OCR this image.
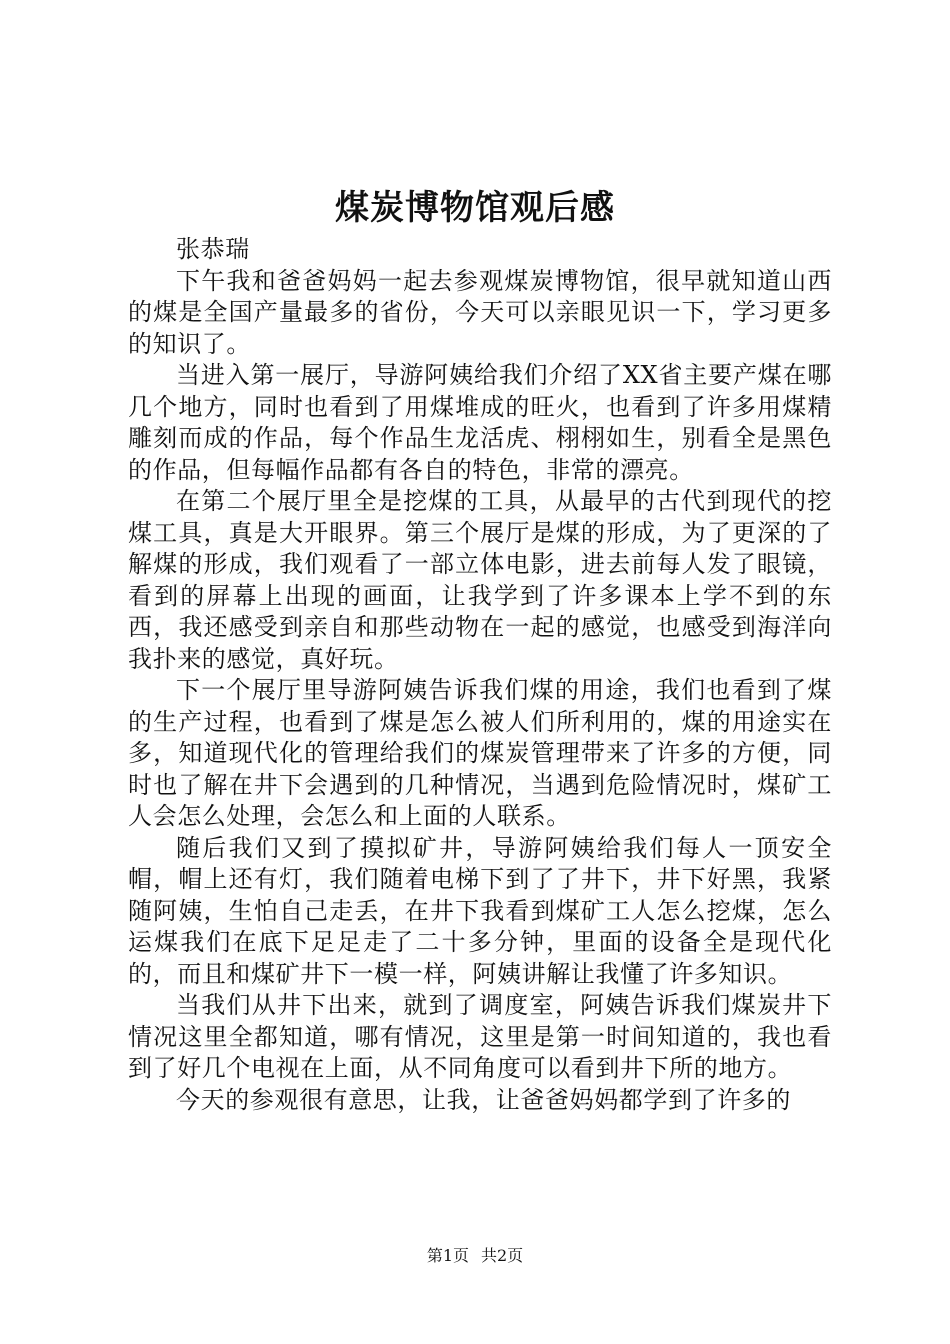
煤炭博物馆观后感

张恭瑞

下午我和爸爸妈妈一起去参观煤炭博物馆，很早就知道山西的煤是全国产量最多的省份，今天可以亲眼见识一下，学习更多的知识了。

当进入第一展厅，导游阿姨给我们介绍了XX省主要产煤在哪几个地方，同时也看到了用煤堆成的旺火，也看到了许多用煤精雕刻而成的作品，每个作品生龙活虎、栩栩如生，别看全是黑色的作品，但每幅作品都有各自的特色，非常的漂亮。

在第二个展厅里全是挖煤的工具，从最早的古代到现代的挖煤工具，真是大开眼界。第三个展厅是煤的形成，为了更深的了解煤的形成，我们观看了一部立体电影，进去前每人发了眼镜，看到的屏幕上出现的画面，让我学到了许多课本上学不到的东西，我还感受到亲自和那些动物在一起的感觉，也感受到海洋向我扑来的感觉，真好玩。

下一个展厅里导游阿姨告诉我们煤的用途，我们也看到了煤的生产过程，也看到了煤是怎么被人们所利用的，煤的用途实在多，知道现代化的管理给我们的煤炭管理带来了许多的方便，同时也了解在井下会遇到的几种情况，当遇到危险情况时，煤矿工人会怎么处理，会怎么和上面的人联系。

随后我们又到了摸拟矿井，导游阿姨给我们每人一顶安全帽，帽上还有灯，我们随着电梯下到了了井下，井下好黑，我紧随阿姨，生怕自己走丢，在井下我看到煤矿工人怎么挖煤，怎么运煤我们在底下足足走了二十多分钟，里面的设备全是现代化的，而且和煤矿井下一模一样，阿姨讲解让我懂了许多知识。

当我们从井下出来，就到了调度室，阿姨告诉我们煤炭井下情况这里全都知道，哪有情况，这里是第一时间知道的，我也看到了好几个电视在上面，从不同角度可以看到井下所的地方。

今天的参观很有意思，让我，让爸爸妈妈都学到了许多的

第1页 共2页
